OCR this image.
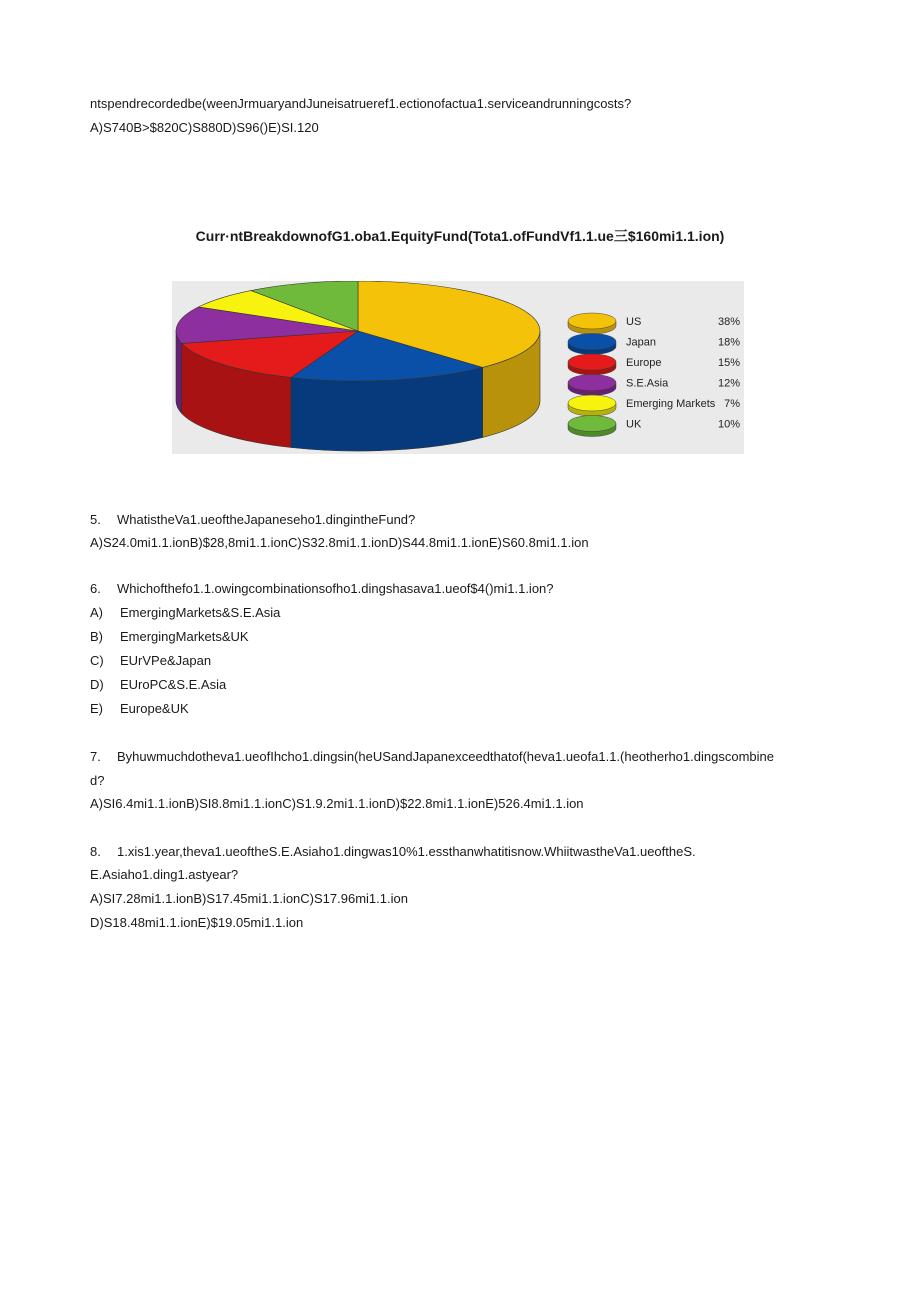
ntspendrecordedbe(weenJrmuaryandJuneisatrueref1.ectionofactua1.serviceandrunningcosts?
A)S740B>$820C)S880D)S96()E)SI.120
Curr·ntBreakdownofG1.oba1.EquityFund(Tota1.ofFundVf1.1.ue三$160mi1.1.ion)
US	38%
Japan	18%
Europe	15%
S.E.Asia	12%
Emerging Markets 7%
UK	10%
5. WhatistheVa1.ueoftheJapaneseho1.dingintheFund?
A)S24.0mi1.1.ionB)$28,8mi1.1.ionC)S32.8mi1.1.ionD)S44.8mi1.1.ionE)S60.8mi1.1.ion
6. Whichofthefo1.1.owingcombinationsofho1.dingshasava1.ueof$4()mi1.1.ion?
A) EmergingMarkets&S.E.Asia
B) EmergingMarkets&UK
C) EUrVPe&Japan
D) EUroPC&S.E.Asia
E) Europe&UK
7. Byhuwmuchdotheva1.ueofIhcho1.dingsin(heUSandJapanexceedthatof(heva1.ueofa1.1.(heotherho1.dingscombine
d?
A)SI6.4mi1.1.ionB)SI8.8mi1.1.ionC)S1.9.2mi1.1.ionD)$22.8mi1.1.ionE)526.4mi1.1.ion
8. 1.xis1.year,theva1.ueoftheS.E.Asiaho1.dingwas10%1.essthanwhatitisnow.WhiitwastheVa1.ueoftheS.
E.Asiaho1.ding1.astyear?
A)SI7.28mi1.1.ionB)S17.45mi1.1.ionC)S17.96mi1.1.ion
D)S18.48mi1.1.ionE)$19.05mi1.1.ion
